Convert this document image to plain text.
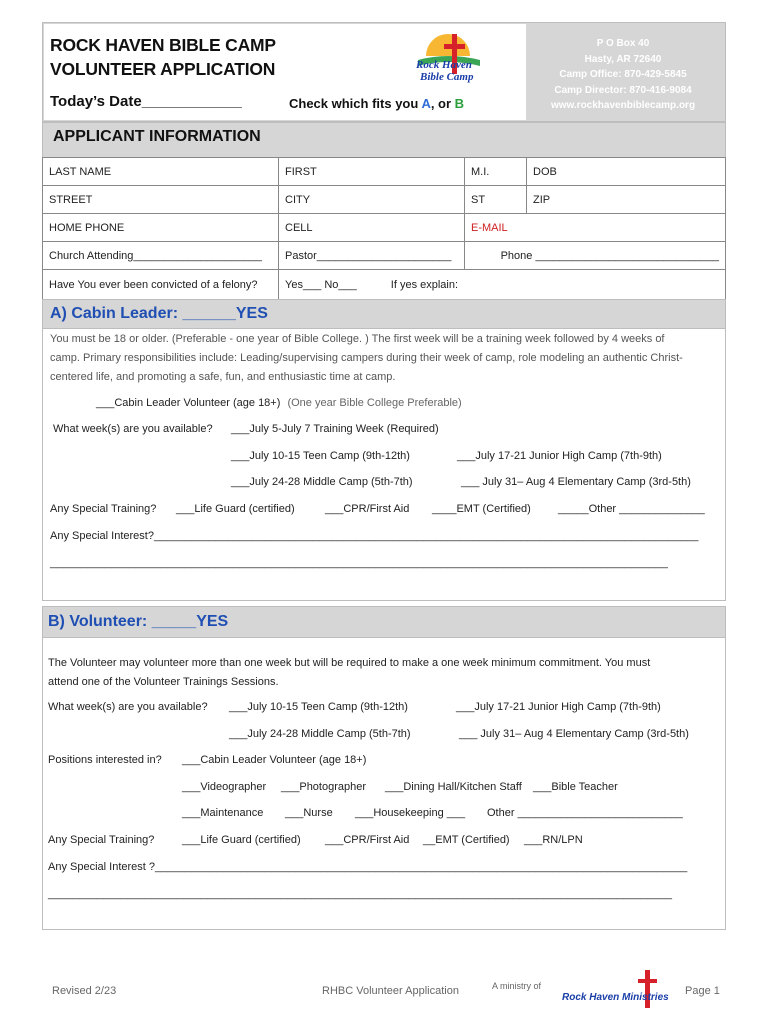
ROCK HAVEN BIBLE CAMP
VOLUNTEER APPLICATION
Today’s Date____________	Check which fits you A, or B
Rock Haven
Bible Camp
P O Box 40
Hasty, AR 72640
Camp Office: 870-429-5845
Camp Director: 870-416-9084
www.rockhavenbiblecamp.org
APPLICANT INFORMATION
LAST NAME	FIRST	M.I.	DOB
STREET	CITY	ST	ZIP
HOME PHONE	CELL	E-MAIL	
Church Attending_____________________	Pastor______________________	Phone ______________________________	
Have You ever been convicted of a felony?	Yes___ No___ If yes explain:		
A) Cabin Leader: ______YES
You must be 18 or older. (Preferable - one year of Bible College. ) The first week will be a training week followed by 4 weeks of
camp. Primary responsibilities include: Leading/supervising campers during their week of camp, role modeling an authentic Christ-
centered life, and promoting a safe, fun, and enthusiastic time at camp.
___Cabin Leader Volunteer (age 18+) (One year Bible College Preferable)
What week(s) are you available? ___July 5-July 7 Training Week (Required)
___July 10-15 Teen Camp (9th-12th)	___July 17-21 Junior High Camp (7th-9th)
___July 24-28 Middle Camp (5th-7th)	___ July 31– Aug 4 Elementary Camp (3rd-5th)
Any Special Training? ___Life Guard (certified)	___CPR/First Aid ____EMT (Certified) _____Other ______________
Any Special Interest?_________________________________________________________________________________________
_____________________________________________________________________________________________________
B) Volunteer: _____YES
The Volunteer may volunteer more than one week but will be required to make a one week minimum commitment. You must
attend one of the Volunteer Trainings Sessions.
What week(s) are you available? ___July 10-15 Teen Camp (9th-12th)	___July 17-21 Junior High Camp (7th-9th)
___July 24-28 Middle Camp (5th-7th)	___ July 31– Aug 4 Elementary Camp (3rd-5th)
Positions interested in? ___Cabin Leader Volunteer (age 18+)
___Videographer ___Photographer ___Dining Hall/Kitchen Staff ___Bible Teacher
___Maintenance ___Nurse ___Housekeeping ___ Other ___________________________
Any Special Training?	___Life Guard (certified) ___CPR/First Aid __EMT (Certified) ___RN/LPN
Any Special Interest ?_______________________________________________________________________________________
______________________________________________________________________________________________________
Revised 2/23	RHBC Volunteer Application	A ministry of
Rock Haven Ministries
Page 1
